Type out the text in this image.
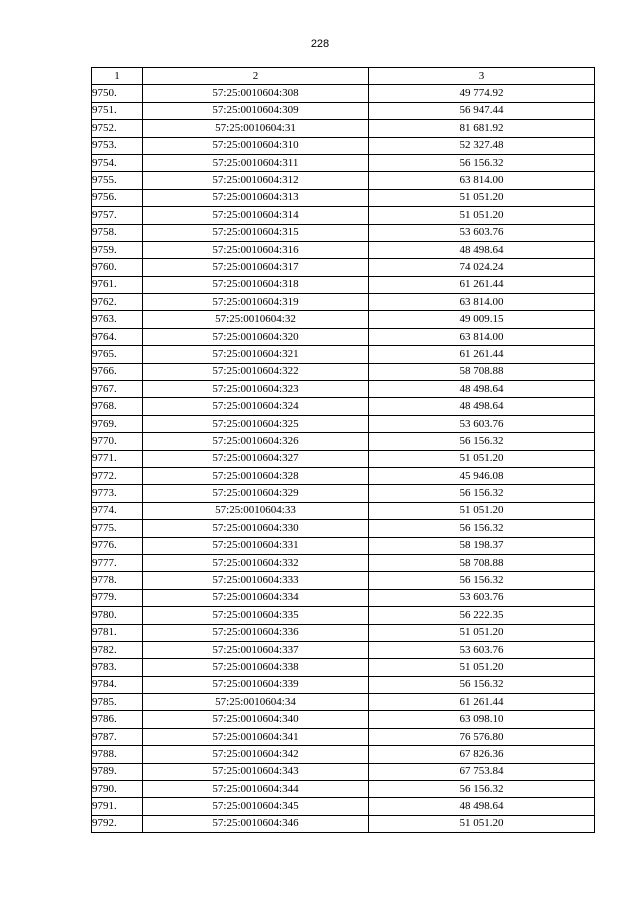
228
1	2	3
9750.	57:25:0010604:308	49 774.92
9751.	57:25:0010604:309	56 947.44
9752.	57:25:0010604:31	81 681.92
9753.	57:25:0010604:310	52 327.48
9754.	57:25:0010604:311	56 156.32
9755.	57:25:0010604:312	63 814.00
9756.	57:25:0010604:313	51 051.20
9757.	57:25:0010604:314	51 051.20
9758.	57:25:0010604:315	53 603.76
9759.	57:25:0010604:316	48 498.64
9760.	57:25:0010604:317	74 024.24
9761.	57:25:0010604:318	61 261.44
9762.	57:25:0010604:319	63 814.00
9763.	57:25:0010604:32	49 009.15
9764.	57:25:0010604:320	63 814.00
9765.	57:25:0010604:321	61 261.44
9766.	57:25:0010604:322	58 708.88
9767.	57:25:0010604:323	48 498.64
9768.	57:25:0010604:324	48 498.64
9769.	57:25:0010604:325	53 603.76
9770.	57:25:0010604:326	56 156.32
9771.	57:25:0010604:327	51 051.20
9772.	57:25:0010604:328	45 946.08
9773.	57:25:0010604:329	56 156.32
9774.	57:25:0010604:33	51 051.20
9775.	57:25:0010604:330	56 156.32
9776.	57:25:0010604:331	58 198.37
9777.	57:25:0010604:332	58 708.88
9778.	57:25:0010604:333	56 156.32
9779.	57:25:0010604:334	53 603.76
9780.	57:25:0010604:335	56 222.35
9781.	57:25:0010604:336	51 051.20
9782.	57:25:0010604:337	53 603.76
9783.	57:25:0010604:338	51 051.20
9784.	57:25:0010604:339	56 156.32
9785.	57:25:0010604:34	61 261.44
9786.	57:25:0010604:340	63 098.10
9787.	57:25:0010604:341	76 576.80
9788.	57:25:0010604:342	67 826.36
9789.	57:25:0010604:343	67 753.84
9790.	57:25:0010604:344	56 156.32
9791.	57:25:0010604:345	48 498.64
9792.	57:25:0010604:346	51 051.20
